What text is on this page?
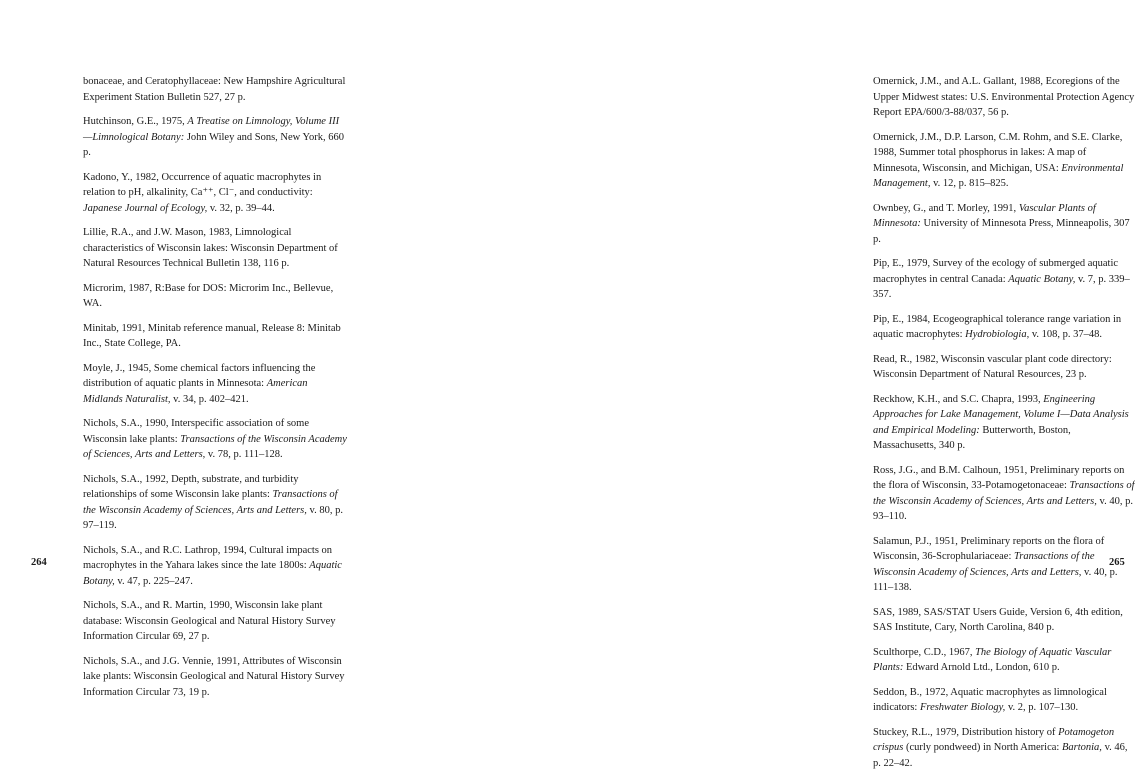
bonaceae, and Ceratophyllaceae: New Hampshire Agricultural Experiment Station Bulletin 527, 27 p.

Hutchinson, G.E., 1975, A Treatise on Limnology, Volume III—Limnological Botany: John Wiley and Sons, New York, 660 p.

Kadono, Y., 1982, Occurrence of aquatic macrophytes in relation to pH, alkalinity, Ca⁺⁺, Cl⁻, and conductivity: Japanese Journal of Ecology, v. 32, p. 39–44.

Lillie, R.A., and J.W. Mason, 1983, Limnological characteristics of Wisconsin lakes: Wisconsin Department of Natural Resources Technical Bulletin 138, 116 p.

Microrim, 1987, R:Base for DOS: Microrim Inc., Bellevue, WA.

Minitab, 1991, Minitab reference manual, Release 8: Minitab Inc., State College, PA.

Moyle, J., 1945, Some chemical factors influencing the distribution of aquatic plants in Minnesota: American Midlands Naturalist, v. 34, p. 402–421.

Nichols, S.A., 1990, Interspecific association of some Wisconsin lake plants: Transactions of the Wisconsin Academy of Sciences, Arts and Letters, v. 78, p. 111–128.

Nichols, S.A., 1992, Depth, substrate, and turbidity relationships of some Wisconsin lake plants: Transactions of the Wisconsin Academy of Sciences, Arts and Letters, v. 80, p. 97–119.

Nichols, S.A., and R.C. Lathrop, 1994, Cultural impacts on macrophytes in the Yahara lakes since the late 1800s: Aquatic Botany, v. 47, p. 225–247.

Nichols, S.A., and R. Martin, 1990, Wisconsin lake plant database: Wisconsin Geological and Natural History Survey Information Circular 69, 27 p.

Nichols, S.A., and J.G. Vennie, 1991, Attributes of Wisconsin lake plants: Wisconsin Geological and Natural History Survey Information Circular 73, 19 p.

264

Omernick, J.M., and A.L. Gallant, 1988, Ecoregions of the Upper Midwest states: U.S. Environmental Protection Agency Report EPA/600/3-88/037, 56 p.

Omernick, J.M., D.P. Larson, C.M. Rohm, and S.E. Clarke, 1988, Summer total phosphorus in lakes: A map of Minnesota, Wisconsin, and Michigan, USA: Environmental Management, v. 12, p. 815–825.

Ownbey, G., and T. Morley, 1991, Vascular Plants of Minnesota: University of Minnesota Press, Minneapolis, 307 p.

Pip, E., 1979, Survey of the ecology of submerged aquatic macrophytes in central Canada: Aquatic Botany, v. 7, p. 339–357.

Pip, E., 1984, Ecogeographical tolerance range variation in aquatic macrophytes: Hydrobiologia, v. 108, p. 37–48.

Read, R., 1982, Wisconsin vascular plant code directory: Wisconsin Department of Natural Resources, 23 p.

Reckhow, K.H., and S.C. Chapra, 1993, Engineering Approaches for Lake Management, Volume I—Data Analysis and Empirical Modeling: Butterworth, Boston, Massachusetts, 340 p.

Ross, J.G., and B.M. Calhoun, 1951, Preliminary reports on the flora of Wisconsin, 33-Potamogetonaceae: Transactions of the Wisconsin Academy of Sciences, Arts and Letters, v. 40, p. 93–110.

Salamun, P.J., 1951, Preliminary reports on the flora of Wisconsin, 36-Scrophulariaceae: Transactions of the Wisconsin Academy of Sciences, Arts and Letters, v. 40, p. 111–138.

SAS, 1989, SAS/STAT Users Guide, Version 6, 4th edition, SAS Institute, Cary, North Carolina, 840 p.

Sculthorpe, C.D., 1967, The Biology of Aquatic Vascular Plants: Edward Arnold Ltd., London, 610 p.

Seddon, B., 1972, Aquatic macrophytes as limnological indicators: Freshwater Biology, v. 2, p. 107–130.

Stuckey, R.L., 1979, Distribution history of Potamogeton crispus (curly pondweed) in North America: Bartonia, v. 46, p. 22–42.

265
